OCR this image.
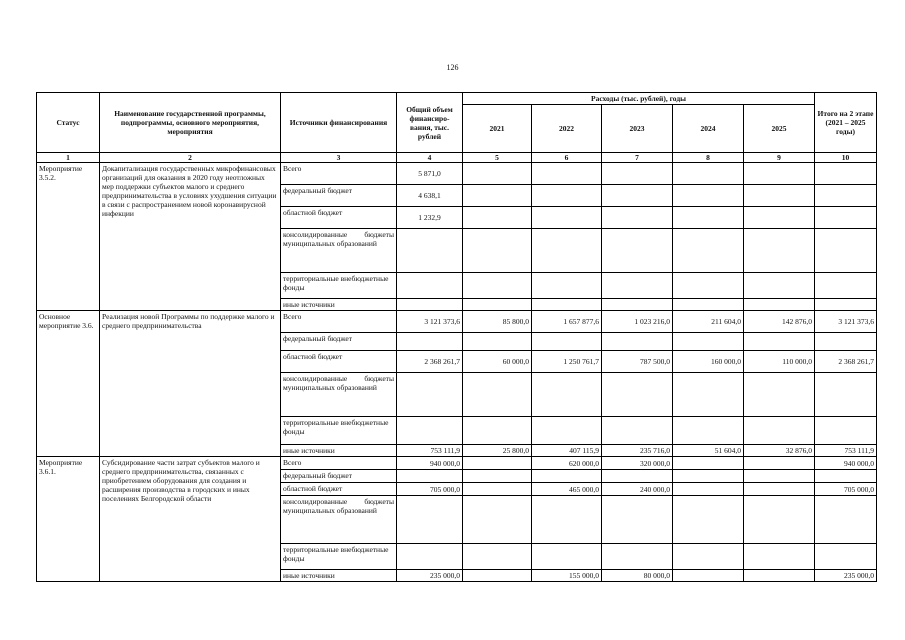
126
Статус	Наименование государственной программы, подпрограммы, основного мероприятия, мероприятия	Источники финансирования	Общий объем финансиро-вания, тыс. рублей	Расходы (тыс. рублей), годы					Итого на 2 этапе (2021 – 2025 годы)
				2021	2022	2023	2024	2025	
1	2	3	4	5	6	7	8	9	10
Мероприятие 3.5.2.	Докапитализация государственных микрофинансовых организаций для оказания в 2020 году неотложных мер поддержки субъектов малого и среднего предпринимательства в условиях ухудшения ситуации в связи с распространением новой коронавирусной инфекции	Всего	5 871,0						
		федеральный бюджет	4 638,1						
		областной бюджет	1 232,9						
		консолидированные бюджеты муниципальных образований							
		территориальные внебюджетные фонды							
		иные источники							
Основное мероприятие 3.6.	Реализация новой Программы по поддержке малого и среднего предпринимательства	Всего	3 121 373,6	85 800,0	1 657 877,6	1 023 216,0	211 604,0	142 876,0	3 121 373,6
		федеральный бюджет							
		областной бюджет	2 368 261,7	60 000,0	1 250 761,7	787 500,0	160 000,0	110 000,0	2 368 261,7
		консолидированные бюджеты муниципальных образований							
		территориальные внебюджетные фонды							
		иные источники	753 111,9	25 800,0	407 115,9	235 716,0	51 604,0	32 876,0	753 111,9
Мероприятие 3.6.1.	Субсидирование части затрат субъектов малого и среднего предпринимательства, связанных с приобретением оборудования для создания и расширения производства в городских и иных поселениях Белгородской области	Всего	940 000,0		620 000,0	320 000,0			940 000,0
		федеральный бюджет							
		областной бюджет	705 000,0		465 000,0	240 000,0			705 000,0
		консолидированные бюджеты муниципальных образований							
		территориальные внебюджетные фонды							
		иные источники	235 000,0		155 000,0	80 000,0			235 000,0
